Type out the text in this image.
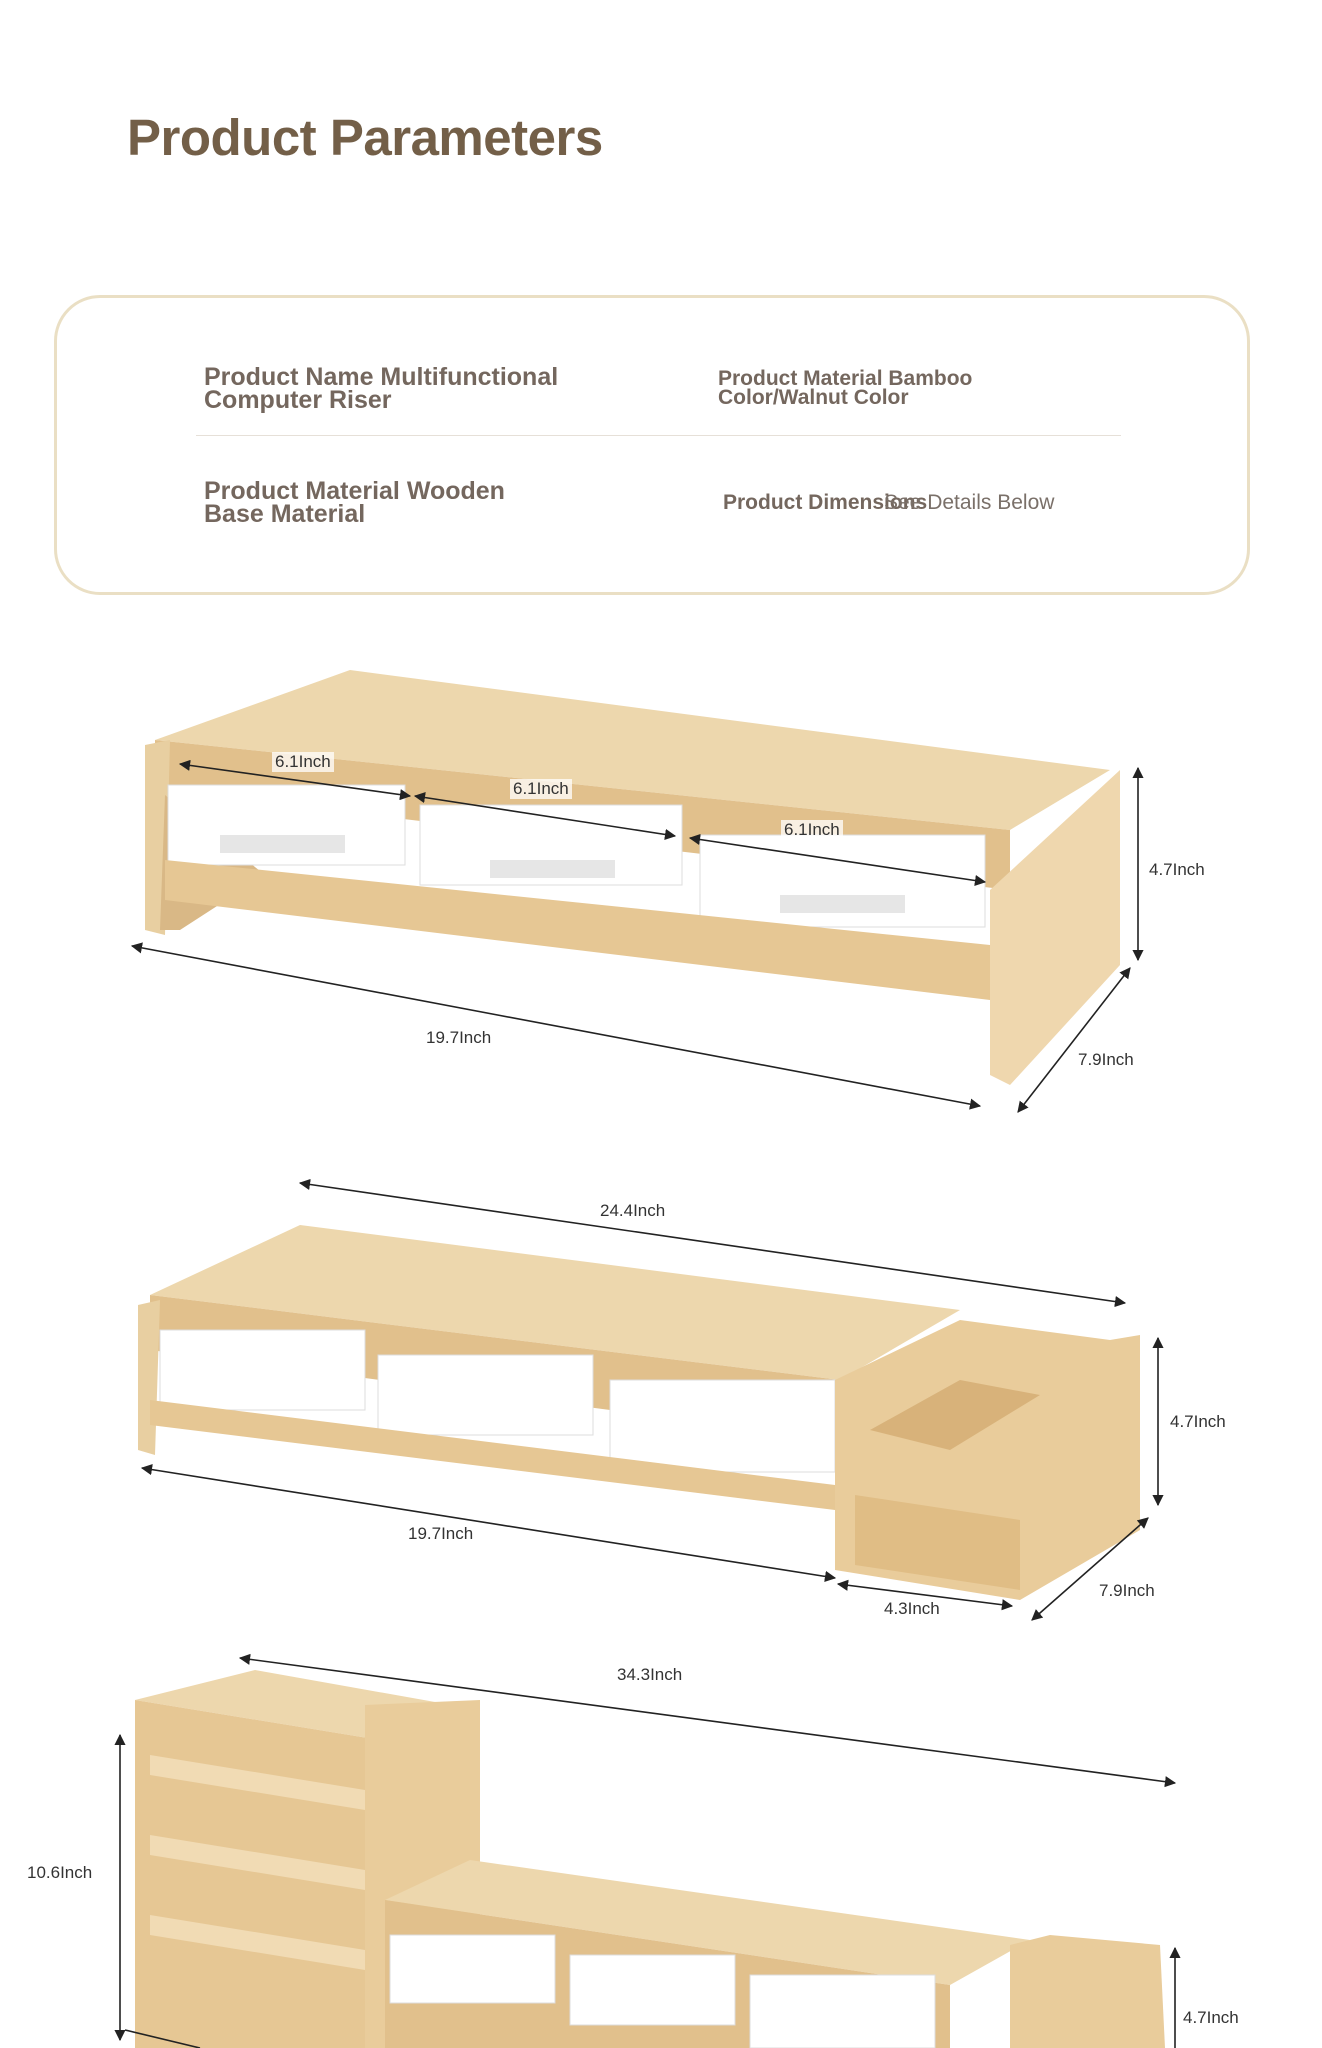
Product Parameters
Product Name Multifunctional Computer Riser
Product Material Bamboo Color/Walnut Color
Product Material Wooden Base Material	Product Dimensions
See Details Below
6.1Inch
6.1Inch
6.1Inch
4.7Inch
19.7Inch
7.9Inch
24.4Inch
4.7Inch
19.7Inch
4.3Inch
7.9Inch
34.3Inch
10.6Inch
4.7Inch
